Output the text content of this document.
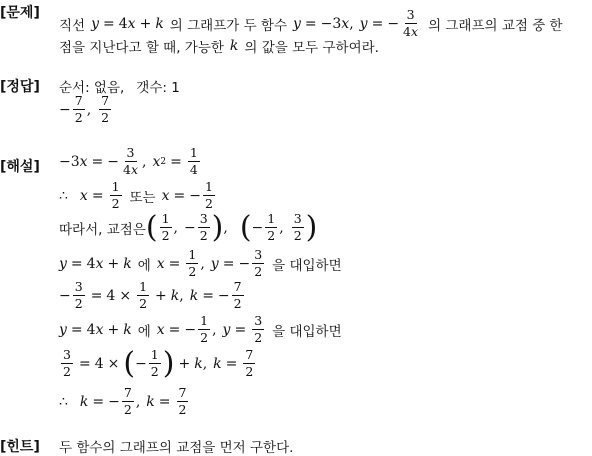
[문제]
직선 y = 4 x + k 의 그래프가 두 함수 y = −3 x , y = − $\frac{3}{4x}$ 의 그래프의 교점 중 한
점을 지난다고 할 때, 가능한 k 의 값을 모두 구하여라.
[정답] 순서: 없음, 갯수: 1
− $\frac{7}{2}$ , $\frac{7}{2}$
[해설] −3 x = − $\frac{3}{4x}$ , x $2 = \frac{1}{4}$
∴ $x = \frac{1}{2}$ 또는 x = − $\frac{1}{2}$
따라서, 교점은 ( $\frac{1}{2}$ , − $\frac{3}{2}$ ) , ( − $\frac{1}{2}$ , $\frac{3}{2}$ )
y = 4 x + k 에 $x = \frac{1}{2}$ , y = − $\frac{3}{2}$ 을 대입하면
− $\frac{3}{2} = 4 \times \frac{1}{2} + k$ , k = − $\frac{7}{2}$
y = 4 x + k 에 x = − $\frac{1}{2}$ , $y = \frac{3}{2}$ 을 대입하면
$\frac{3}{2} = 4$ × ( − $\frac{1}{2}$ ) + k , $k = \frac{7}{2}$
∴ k = − $\frac{7}{2}$ , $k = \frac{7}{2}$
[힌트] 두 함수의 그래프의 교점을 먼저 구한다.
